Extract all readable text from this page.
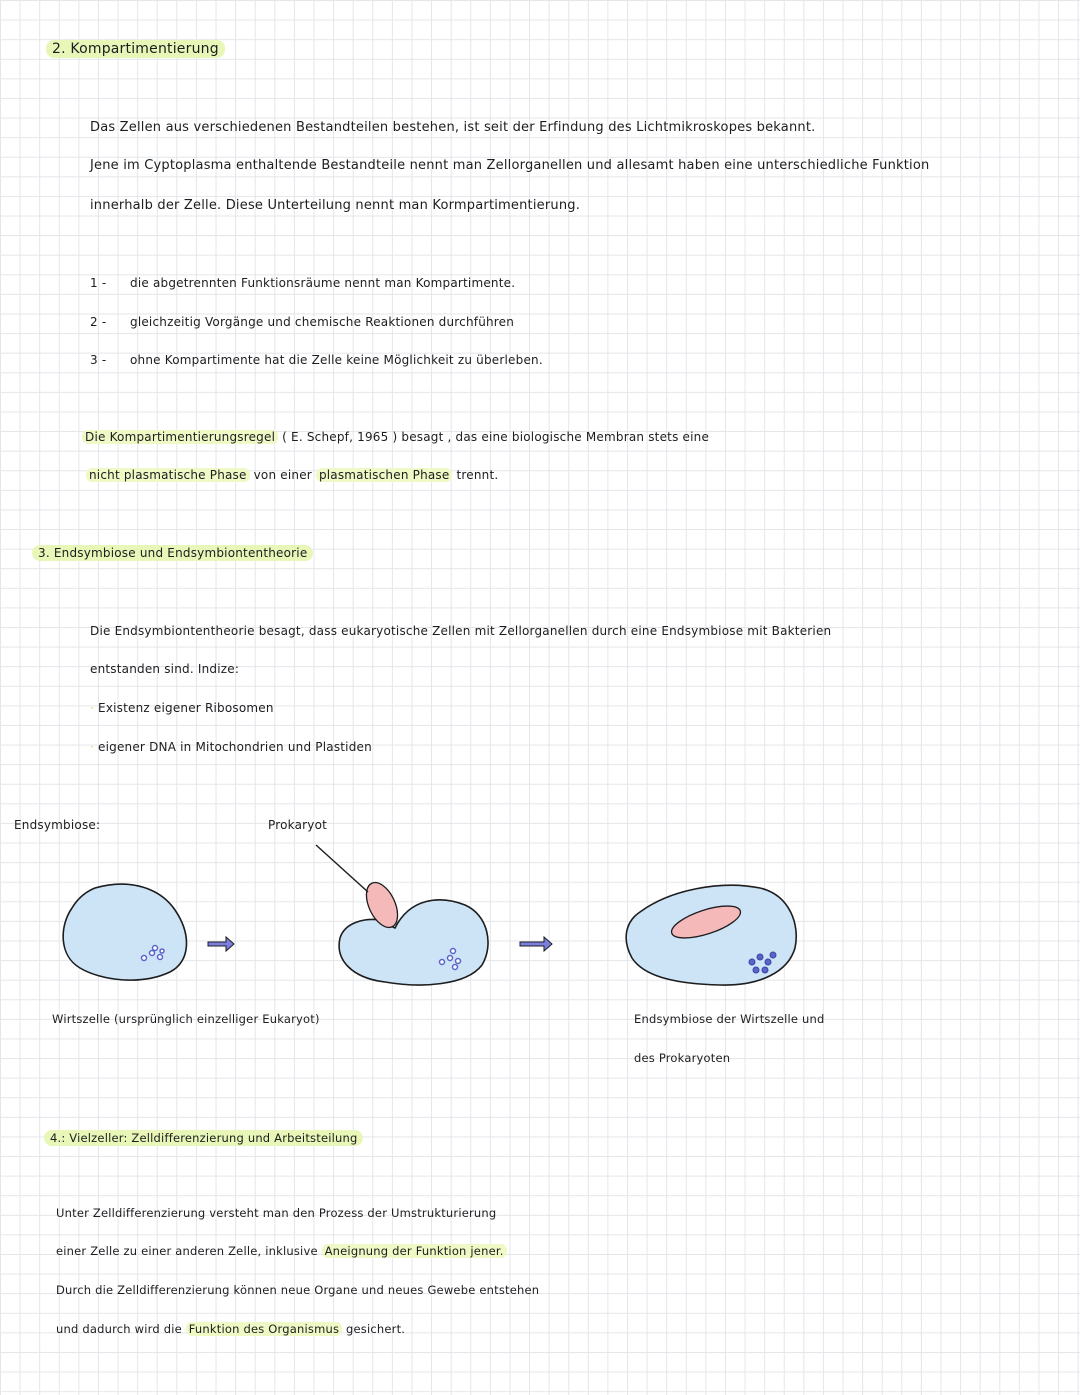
2. Kompartimentierung
Das Zellen aus verschiedenen Bestandteilen bestehen, ist seit der Erfindung des Lichtmikroskopes bekannt.
Jene im Cyptoplasma enthaltende Bestandteile nennt man Zellorganellen und allesamt haben eine unterschiedliche Funktion
innerhalb der Zelle. Diese Unterteilung nennt man Kormpartimentierung.
1 - die abgetrennten Funktionsräume nennt man Kompartimente.
2 - gleichzeitig Vorgänge und chemische Reaktionen durchführen
3 - ohne Kompartimente hat die Zelle keine Möglichkeit zu überleben.
Die Kompartimentierungsregel ( E. Schepf, 1965 ) besagt , das eine biologische Membran stets eine
nicht plasmatische Phase von einer plasmatischen Phase trennt.
3. Endsymbiose und Endsymbiontentheorie
Die Endsymbiontentheorie besagt, dass eukaryotische Zellen mit Zellorganellen durch eine Endsymbiose mit Bakterien
entstanden sind. Indize:
· Existenz eigener Ribosomen
· eigener DNA in Mitochondrien und Plastiden
Endsymbiose:	Prokaryot
Wirtszelle (ursprünglich einzelliger Eukaryot)	Endsymbiose der Wirtszelle und
des Prokaryoten
4.: Vielzeller: Zelldifferenzierung und Arbeitsteilung
Unter Zelldifferenzierung versteht man den Prozess der Umstrukturierung
einer Zelle zu einer anderen Zelle, inklusive Aneignung der Funktion jener.
Durch die Zelldifferenzierung können neue Organe und neues Gewebe entstehen
und dadurch wird die Funktion des Organismus gesichert.
